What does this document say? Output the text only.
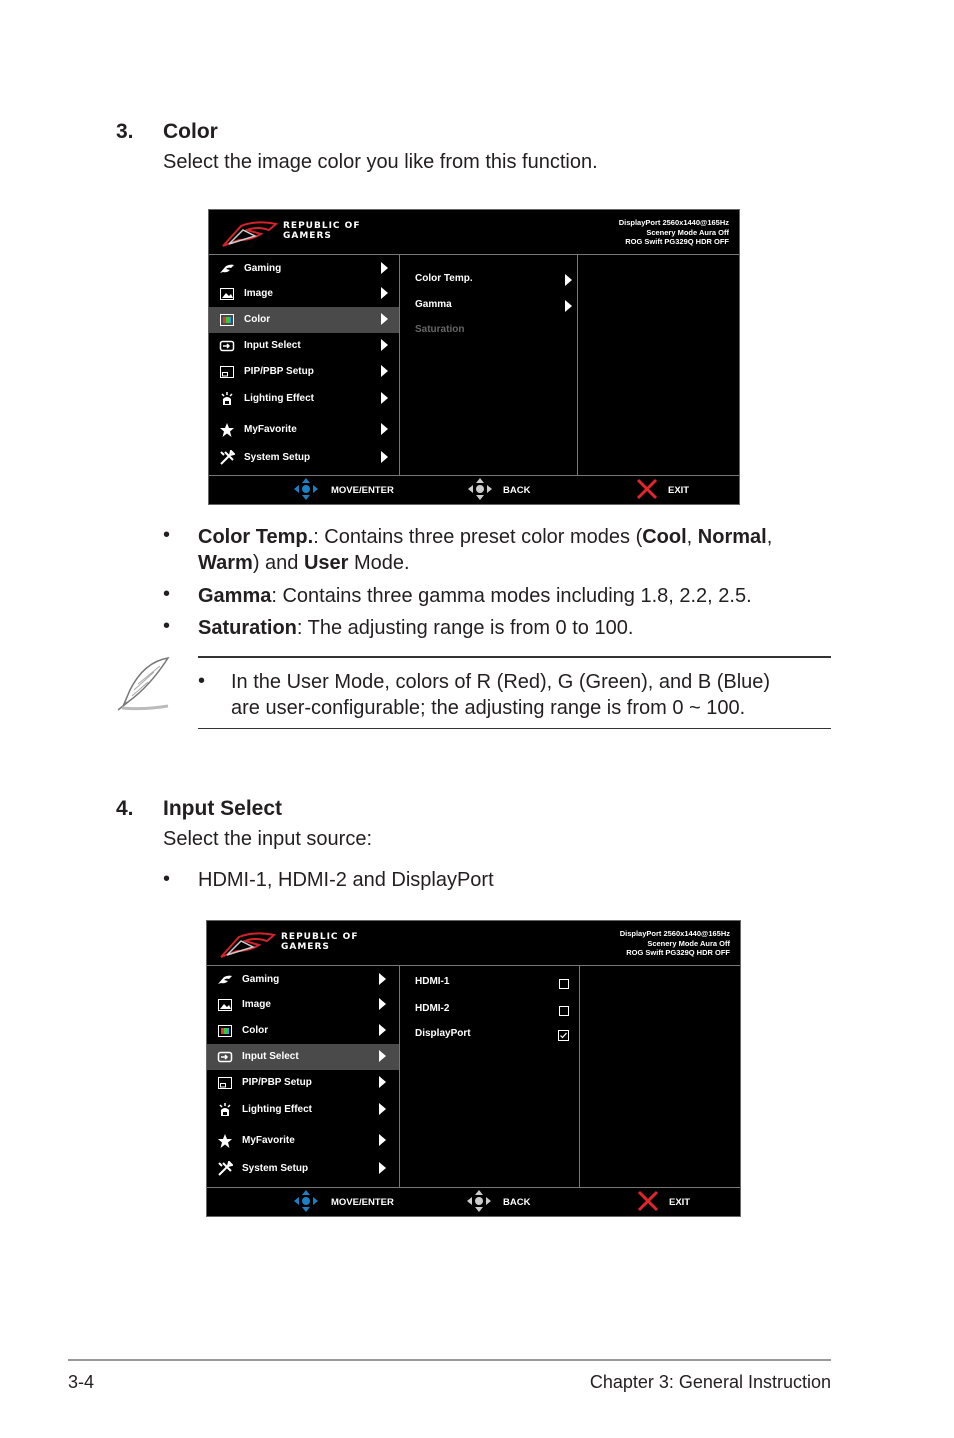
3. Color
Select the image color you like from this function.
REPUBLIC OF
GAMERS
DisplayPort 2560x1440@165Hz
Scenery Mode Aura Off
ROG Swift PG329Q HDR OFF
Gaming
Image
Color
Input Select
PIP/PBP Setup
Lighting Effect
MyFavorite
System Setup
Color Temp.
Gamma
Saturation
MOVE/ENTER	BACK	EXIT
• Color Temp.: Contains three preset color modes (Cool, Normal,
Warm) and User Mode.
• Gamma: Contains three gamma modes including 1.8, 2.2, 2.5.
• Saturation: The adjusting range is from 0 to 100.
• In the User Mode, colors of R (Red), G (Green), and B (Blue)
are user-configurable; the adjusting range is from 0 ~ 100.
4. Input Select
Select the input source:
• HDMI-1, HDMI-2 and DisplayPort
REPUBLIC OF
GAMERS
DisplayPort 2560x1440@165Hz
Scenery Mode Aura Off
ROG Swift PG329Q HDR OFF
Gaming
Image
Color
Input Select
PIP/PBP Setup
Lighting Effect
MyFavorite
System Setup
HDMI-1
HDMI-2
DisplayPort
MOVE/ENTER	BACK	EXIT
3-4	Chapter 3: General Instruction
